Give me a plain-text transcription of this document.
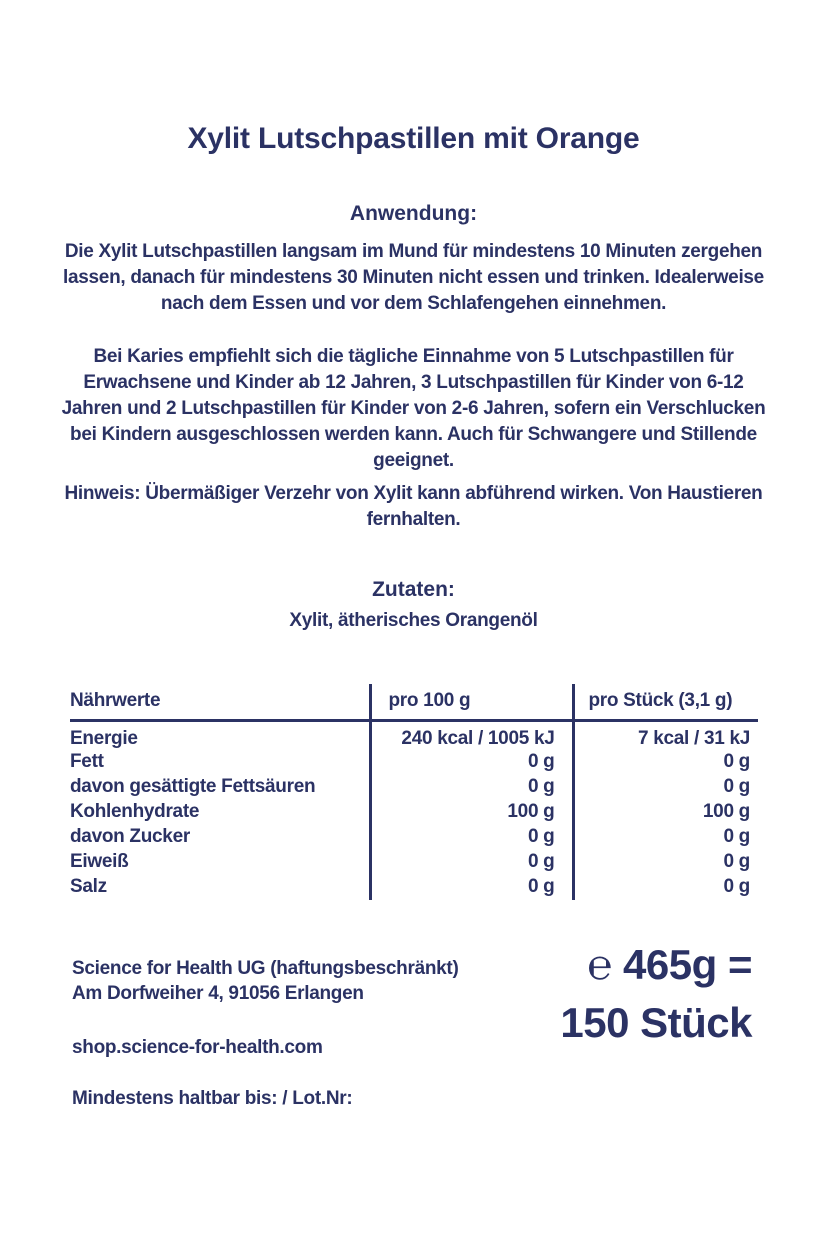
Xylit Lutschpastillen mit Orange
Anwendung:
Die Xylit Lutschpastillen langsam im Mund für mindestens 10 Minuten zergehen lassen, danach für mindestens 30 Minuten nicht essen und trinken. Idealerweise nach dem Essen und vor dem Schlafengehen einnehmen.
Bei Karies empfiehlt sich die tägliche Einnahme von 5 Lutschpastillen für Erwachsene und Kinder ab 12 Jahren, 3 Lutschpastillen für Kinder von 6-12 Jahren und 2 Lutschpastillen für Kinder von 2-6 Jahren, sofern ein Verschlucken bei Kindern ausgeschlossen werden kann. Auch für Schwangere und Stillende geeignet.
Hinweis: Übermäßiger Verzehr von Xylit kann abführend wirken. Von Haustieren fernhalten.
Zutaten:
Xylit, ätherisches Orangenöl
Nährwerte	pro 100 g	pro Stück (3,1 g)
Energie	240 kcal / 1005 kJ	7 kcal / 31 kJ
Fett	0 g	0 g
davon gesättigte Fettsäuren	0 g	0 g
Kohlenhydrate	100 g	100 g
davon Zucker	0 g	0 g
Eiweiß	0 g	0 g
Salz	0 g	0 g
Science for Health UG (haftungsbeschränkt)
Am Dorfweiher 4, 91056 Erlangen
shop.science-for-health.com
Mindestens haltbar bis: / Lot.Nr:
℮ 465g =
150 Stück
